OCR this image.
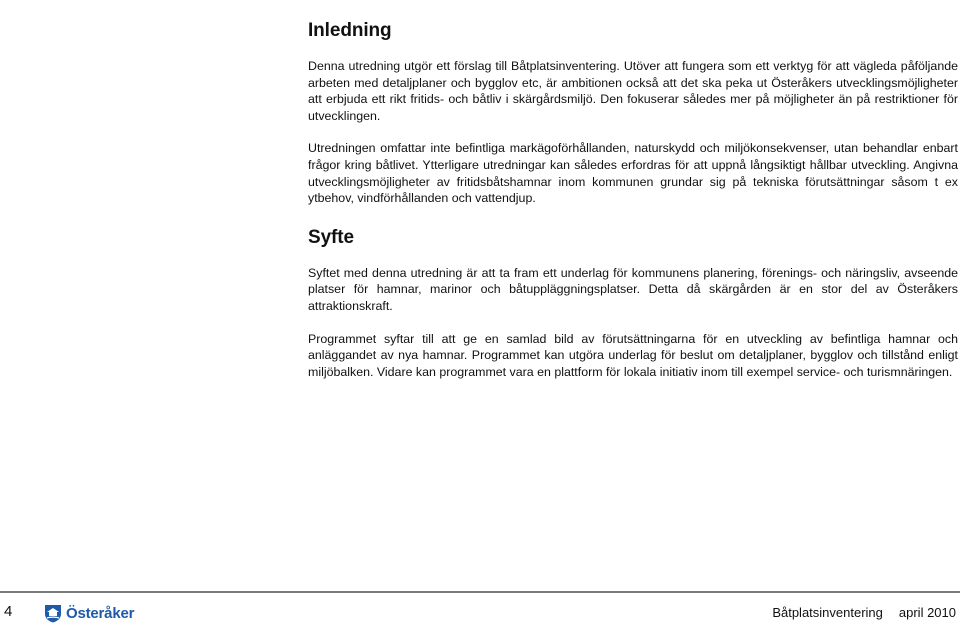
Inledning

Denna utredning utgör ett förslag till Båtplatsinventering. Utöver att fungera som ett verktyg för att vägleda påföljande arbeten med detaljplaner och bygglov etc, är ambitionen också att det ska peka ut Österåkers utvecklingsmöjligheter att erbjuda ett rikt fritids- och båtliv i skärgårdsmiljö. Den fokuserar således mer på möjligheter än på restriktioner för utvecklingen.

Utredningen omfattar inte befintliga markägoförhållanden, naturskydd och miljökonsekvenser, utan behandlar enbart frågor kring båtlivet. Ytterligare utredningar kan således erfordras för att uppnå långsiktigt hållbar utveckling. Angivna utvecklingsmöjligheter av fritidsbåtshamnar inom kommunen grundar sig på tekniska förutsättningar såsom t ex ytbehov, vindförhållanden och vattendjup.

Syfte

Syftet med denna utredning är att ta fram ett underlag för kommunens planering, förenings- och näringsliv, avseende platser för hamnar, marinor och båtuppläggningsplatser. Detta då skärgården är en stor del av Österåkers attraktionskraft.

Programmet syftar till att ge en samlad bild av förutsättningarna för en utveckling av befintliga hamnar och anläggandet av nya hamnar. Programmet kan utgöra underlag för beslut om detaljplaner, bygglov och tillstånd enligt miljöbalken. Vidare kan programmet vara en plattform för lokala initiativ inom till exempel service- och turismnäringen.

4	Österåker	Båtplatsinventering april 2010
